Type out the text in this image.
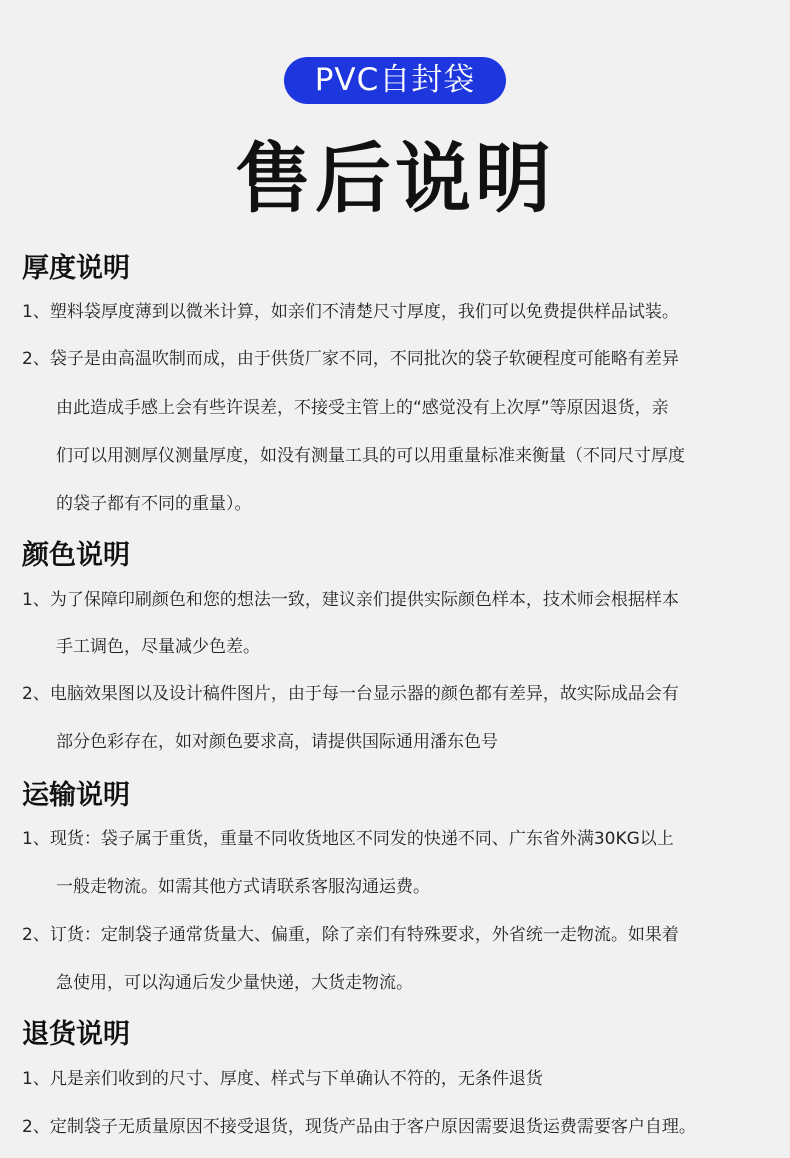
PVC自封袋
售后说明
厚度说明

1、塑料袋厚度薄到以微米计算，如亲们不清楚尺寸厚度，我们可以免费提供样品试装。

2、袋子是由高温吹制而成，由于供货厂家不同，不同批次的袋子软硬程度可能略有差异

由此造成手感上会有些许误差，不接受主管上的“感觉没有上次厚”等原因退货，亲

们可以用测厚仪测量厚度，如没有测量工具的可以用重量标准来衡量（不同尺寸厚度

的袋子都有不同的重量）。

颜色说明

1、为了保障印刷颜色和您的想法一致，建议亲们提供实际颜色样本，技术师会根据样本

手工调色，尽量减少色差。

2、电脑效果图以及设计稿件图片，由于每一台显示器的颜色都有差异，故实际成品会有

部分色彩存在，如对颜色要求高，请提供国际通用潘东色号

运输说明

1、现货：袋子属于重货，重量不同收货地区不同发的快递不同、广东省外满30KG以上

一般走物流。如需其他方式请联系客服沟通运费。

2、订货：定制袋子通常货量大、偏重，除了亲们有特殊要求，外省统一走物流。如果着

急使用，可以沟通后发少量快递，大货走物流。

退货说明

1、凡是亲们收到的尺寸、厚度、样式与下单确认不符的，无条件退货

2、定制袋子无质量原因不接受退货，现货产品由于客户原因需要退货运费需要客户自理。
